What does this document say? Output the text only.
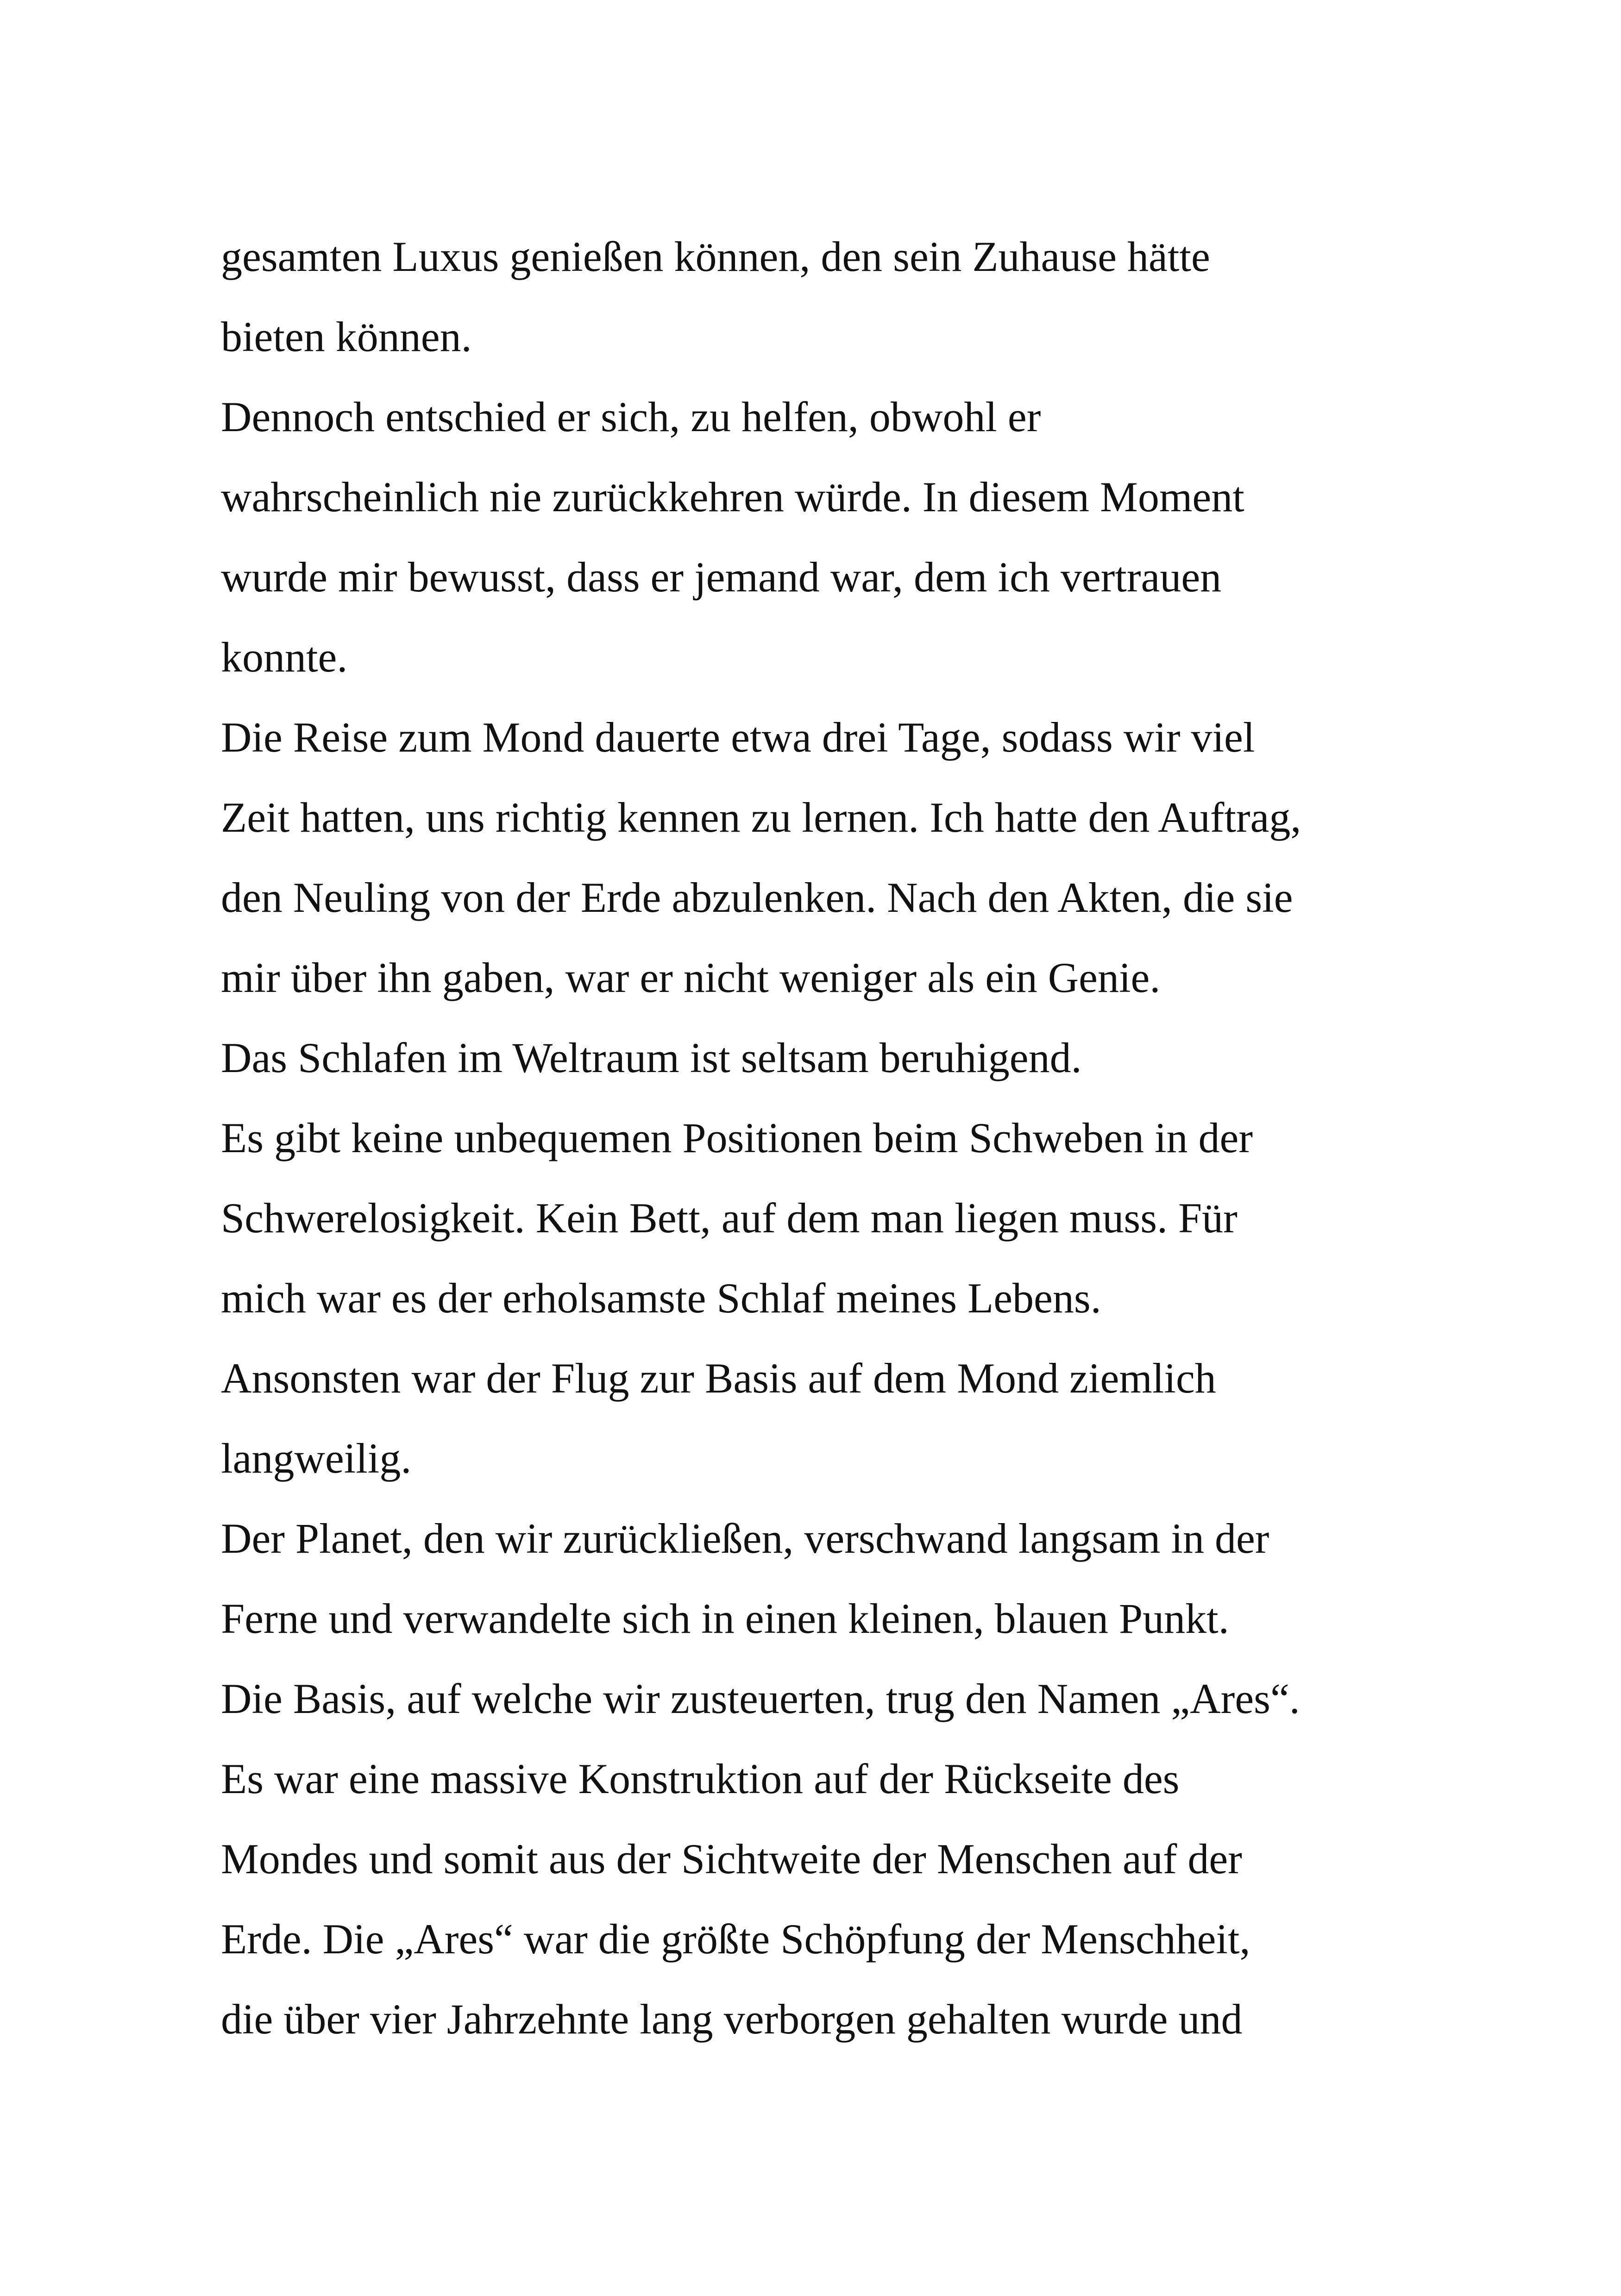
gesamten Luxus genießen können, den sein Zuhause hätte
bieten können.
Dennoch entschied er sich, zu helfen, obwohl er
wahrscheinlich nie zurückkehren würde. In diesem Moment
wurde mir bewusst, dass er jemand war, dem ich vertrauen
konnte.
Die Reise zum Mond dauerte etwa drei Tage, sodass wir viel
Zeit hatten, uns richtig kennen zu lernen. Ich hatte den Auftrag,
den Neuling von der Erde abzulenken. Nach den Akten, die sie
mir über ihn gaben, war er nicht weniger als ein Genie.
Das Schlafen im Weltraum ist seltsam beruhigend.
Es gibt keine unbequemen Positionen beim Schweben in der
Schwerelosigkeit. Kein Bett, auf dem man liegen muss. Für
mich war es der erholsamste Schlaf meines Lebens.
Ansonsten war der Flug zur Basis auf dem Mond ziemlich
langweilig.
Der Planet, den wir zurückließen, verschwand langsam in der
Ferne und verwandelte sich in einen kleinen, blauen Punkt.
Die Basis, auf welche wir zusteuerten, trug den Namen „Ares“.
Es war eine massive Konstruktion auf der Rückseite des
Mondes und somit aus der Sichtweite der Menschen auf der
Erde. Die „Ares“ war die größte Schöpfung der Menschheit,
die über vier Jahrzehnte lang verborgen gehalten wurde und
